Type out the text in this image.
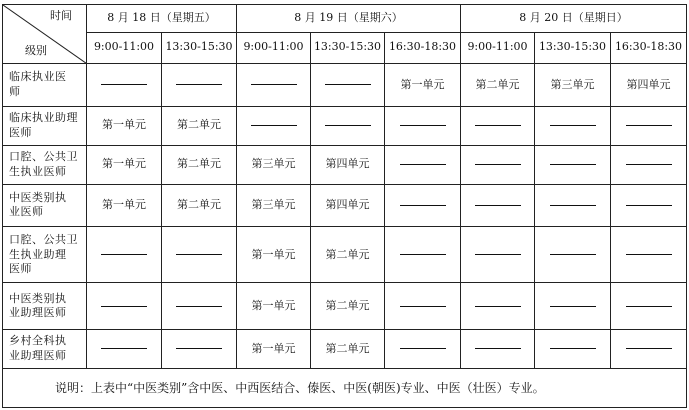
时间
级别	8 月 18 日（星期五）		8 月 19 日（星期六）			8 月 20 日（星期日）		
	9:00-11:00	13:30-15:30	9:00-11:00	13:30-15:30	16:30-18:30	9:00-11:00	13:30-15:30	16:30-18:30

临床执业医
师					第一单元	第二单元	第三单元	第四单元

临床执业助理
医师	第一单元	第二单元						

口腔、公共卫
生执业医师	第一单元	第二单元	第三单元	第四单元				

中医类别执
业医师	第一单元	第二单元	第三单元	第四单元				

口腔、公共卫
生执业助理
医师			第一单元	第二单元				

中医类别执
业助理医师			第一单元	第二单元				

乡村全科执
业助理医师			第一单元	第二单元				
说明：上表中“中医类别”含中医、中西医结合、傣医、中医(朝医)专业、中医（壮医）专业。								
